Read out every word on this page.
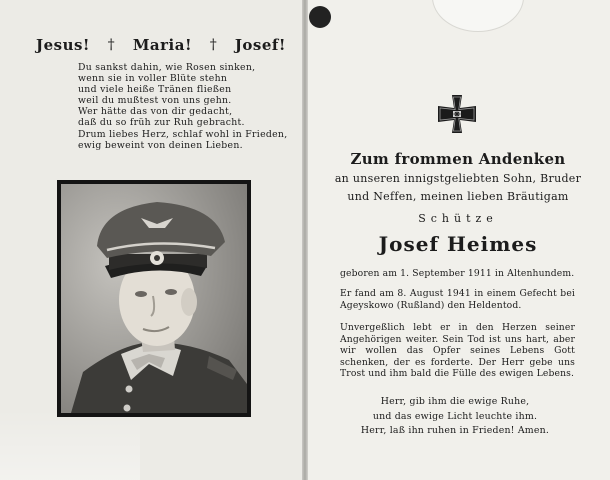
Jesus! † Maria! † Josef!
Du sankst dahin, wie Rosen sinken,
wenn sie in voller Blüte stehn
und viele heiße Tränen fließen
weil du mußtest von uns gehn.
Wer hätte das von dir gedacht,
daß du so früh zur Ruh gebracht.
Drum liebes Herz, schlaf wohl in Frieden,
ewig beweint von deinen Lieben.
Zum frommen Andenken
an unseren innigstgeliebten Sohn, Bruder
und Neffen, meinen lieben Bräutigam
Schütze
Josef Heimes
geboren am 1. September 1911 in Altenhundem.
Er fand am 8. August 1941 in einem Gefecht bei Ageyskowo (Rußland) den Heldentod.
Unvergeßlich lebt er in den Herzen seiner Angehörigen weiter. Sein Tod ist uns hart, aber wir wollen das Opfer seines Lebens Gott schenken, der es forderte. Der Herr gebe uns Trost und ihm bald die Fülle des ewigen Lebens.
Herr, gib ihm die ewige Ruhe,
und das ewige Licht leuchte ihm.
Herr, laß ihn ruhen in Frieden! Amen.
